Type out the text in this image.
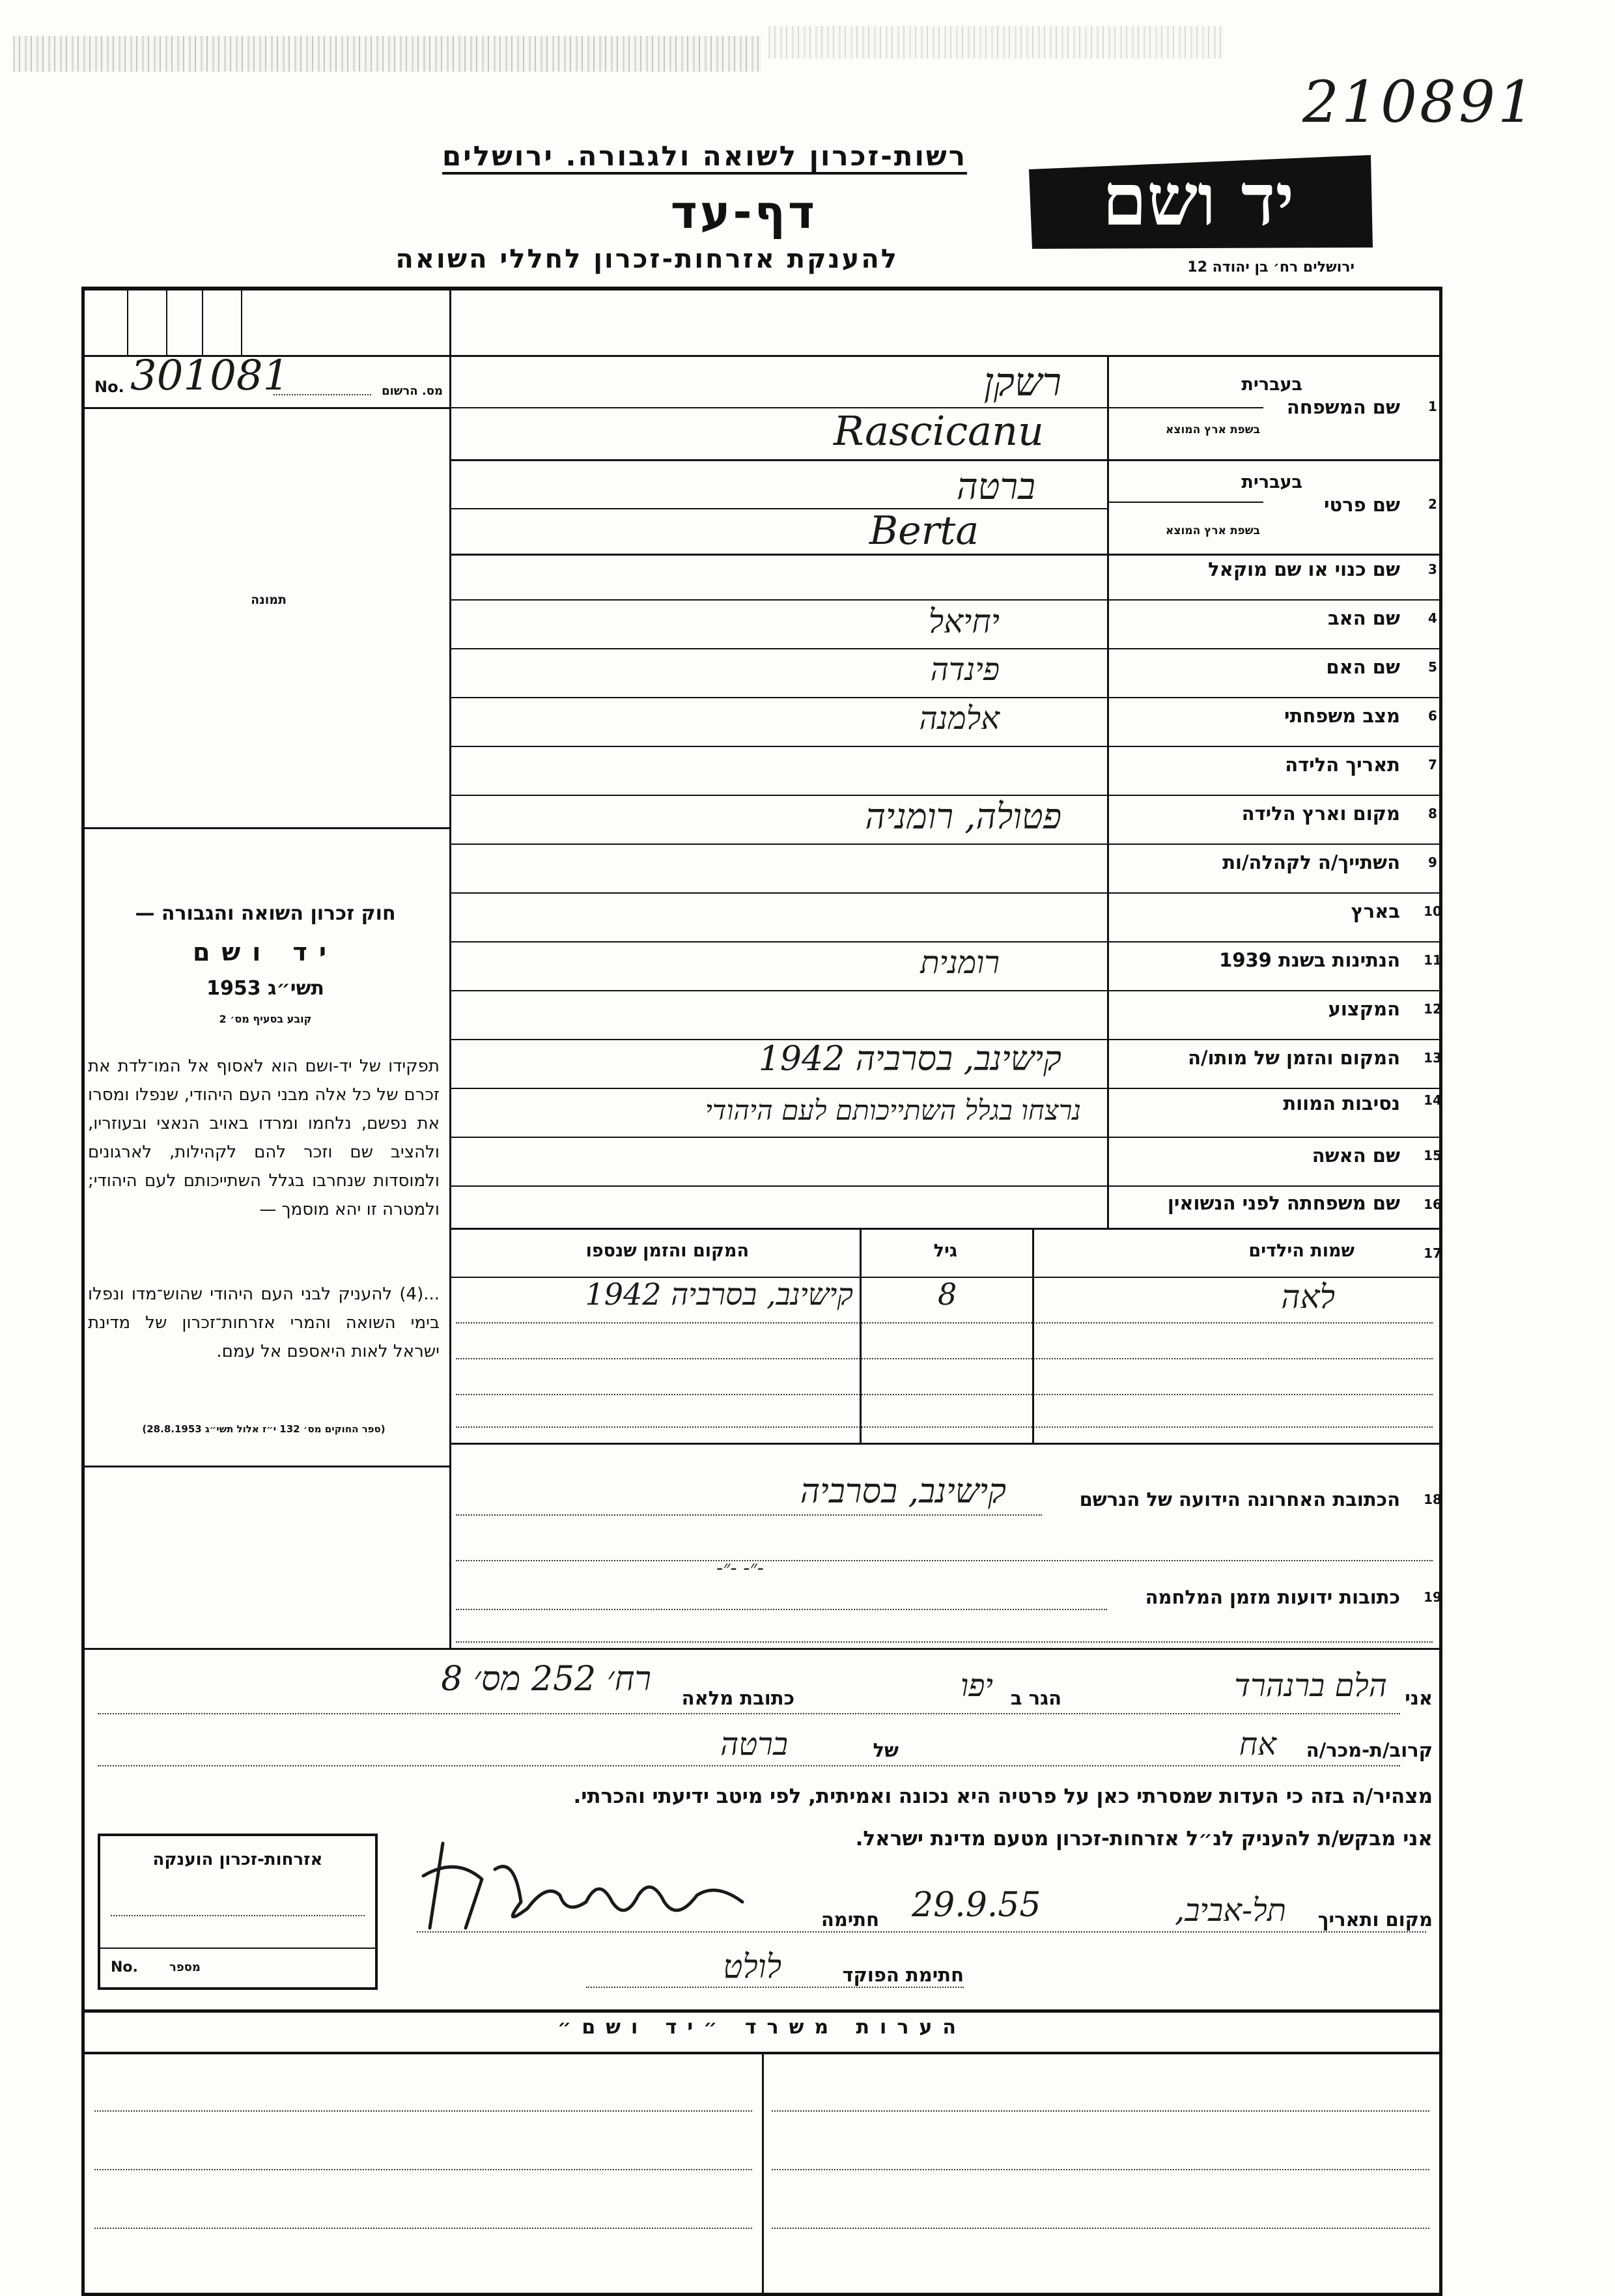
210891
רשות-זכרון לשואה ולגבורה. ירושלים
דף-עד
להענקת אזרחות-זכרון לחללי השואה
יד ושם
ירושלים רח׳ בן יהודה 12
No. 301081	מס. הרשום
תמונה
חוק זכרון השואה והגבורה —
יד ושם
תשי״ג 1953
קובע בסעיף מס׳ 2
תפקידו של יד-ושם הוא לאסוף אל המו־לדת את זכרם של כל אלה מבני העם היהודי, שנפלו ומסרו את נפשם, נלחמו ומרדו באויב הנאצי ובעוזריו, ולהציב שם וזכר להם לקהילות, לארגונים ולמוסדות שנחרבו בגלל השתייכותם לעם היהודי; ולמטרה זו יהא מוסמך —
...(4) להעניק לבני העם היהודי שהוש־מדו ונפלו בימי השואה והמרי אזרחות־זכרון של מדינת ישראל לאות היאספם אל עמם.
(ספר החוקים מס׳ 132 י״ז אלול תשי״ג 28.8.1953)
1
שם המשפחה
בעברית
בשפת ארץ המוצא
רשקן
Rascicanu
2
שם פרטי
בעברית
בשפת ארץ המוצא
ברטה
Berta
3
שם כנוי או שם מוקאל
4
שם האב
יחיאל
5
שם האם
פינדה
6
מצב משפחתי
אלמנה
7
תאריך הלידה
8
מקום וארץ הלידה
פטולה, רומניה
9
השתייך/ה לקהלה/ות
10
בארץ
11
הנתינות בשנת 1939
רומנית
12
המקצוע
13
המקום והזמן של מותו/ה
קישינב, בסרביה 1942
14
נסיבות המוות
נרצחו בגלל השתייכותם לעם היהודי
15
שם האשה
16
שם משפחתה לפני הנשואין
17
שמות הילדים
גיל
המקום והזמן שנספו
לאה
8
קישינב, בסרביה 1942
18
הכתובת האחרונה הידועה של הנרשם
קישינב, בסרביה
-״- -״-
19
כתובות ידועות מזמן המלחמה
אני
הלם ברנהרד
הגר ב
יפו
כתובת מלאה
רח׳ 252 מס׳ 8
קרוב/ת-מכר/ה
אח
של
ברטה
מצהיר/ה בזה כי העדות שמסרתי כאן על פרטיה היא נכונה ואמיתית, לפי מיטב ידיעתי והכרתי.
אני מבקש/ת להעניק לנ״ל אזרחות-זכרון מטעם מדינת ישראל.
מקום ותאריך
תל-אביב,
29.9.55
חתימה
חתימת הפוקד
לולט
אזרחות-זכרון הוענקה
No.	מספר
הערות משרד ״יד ושם״
